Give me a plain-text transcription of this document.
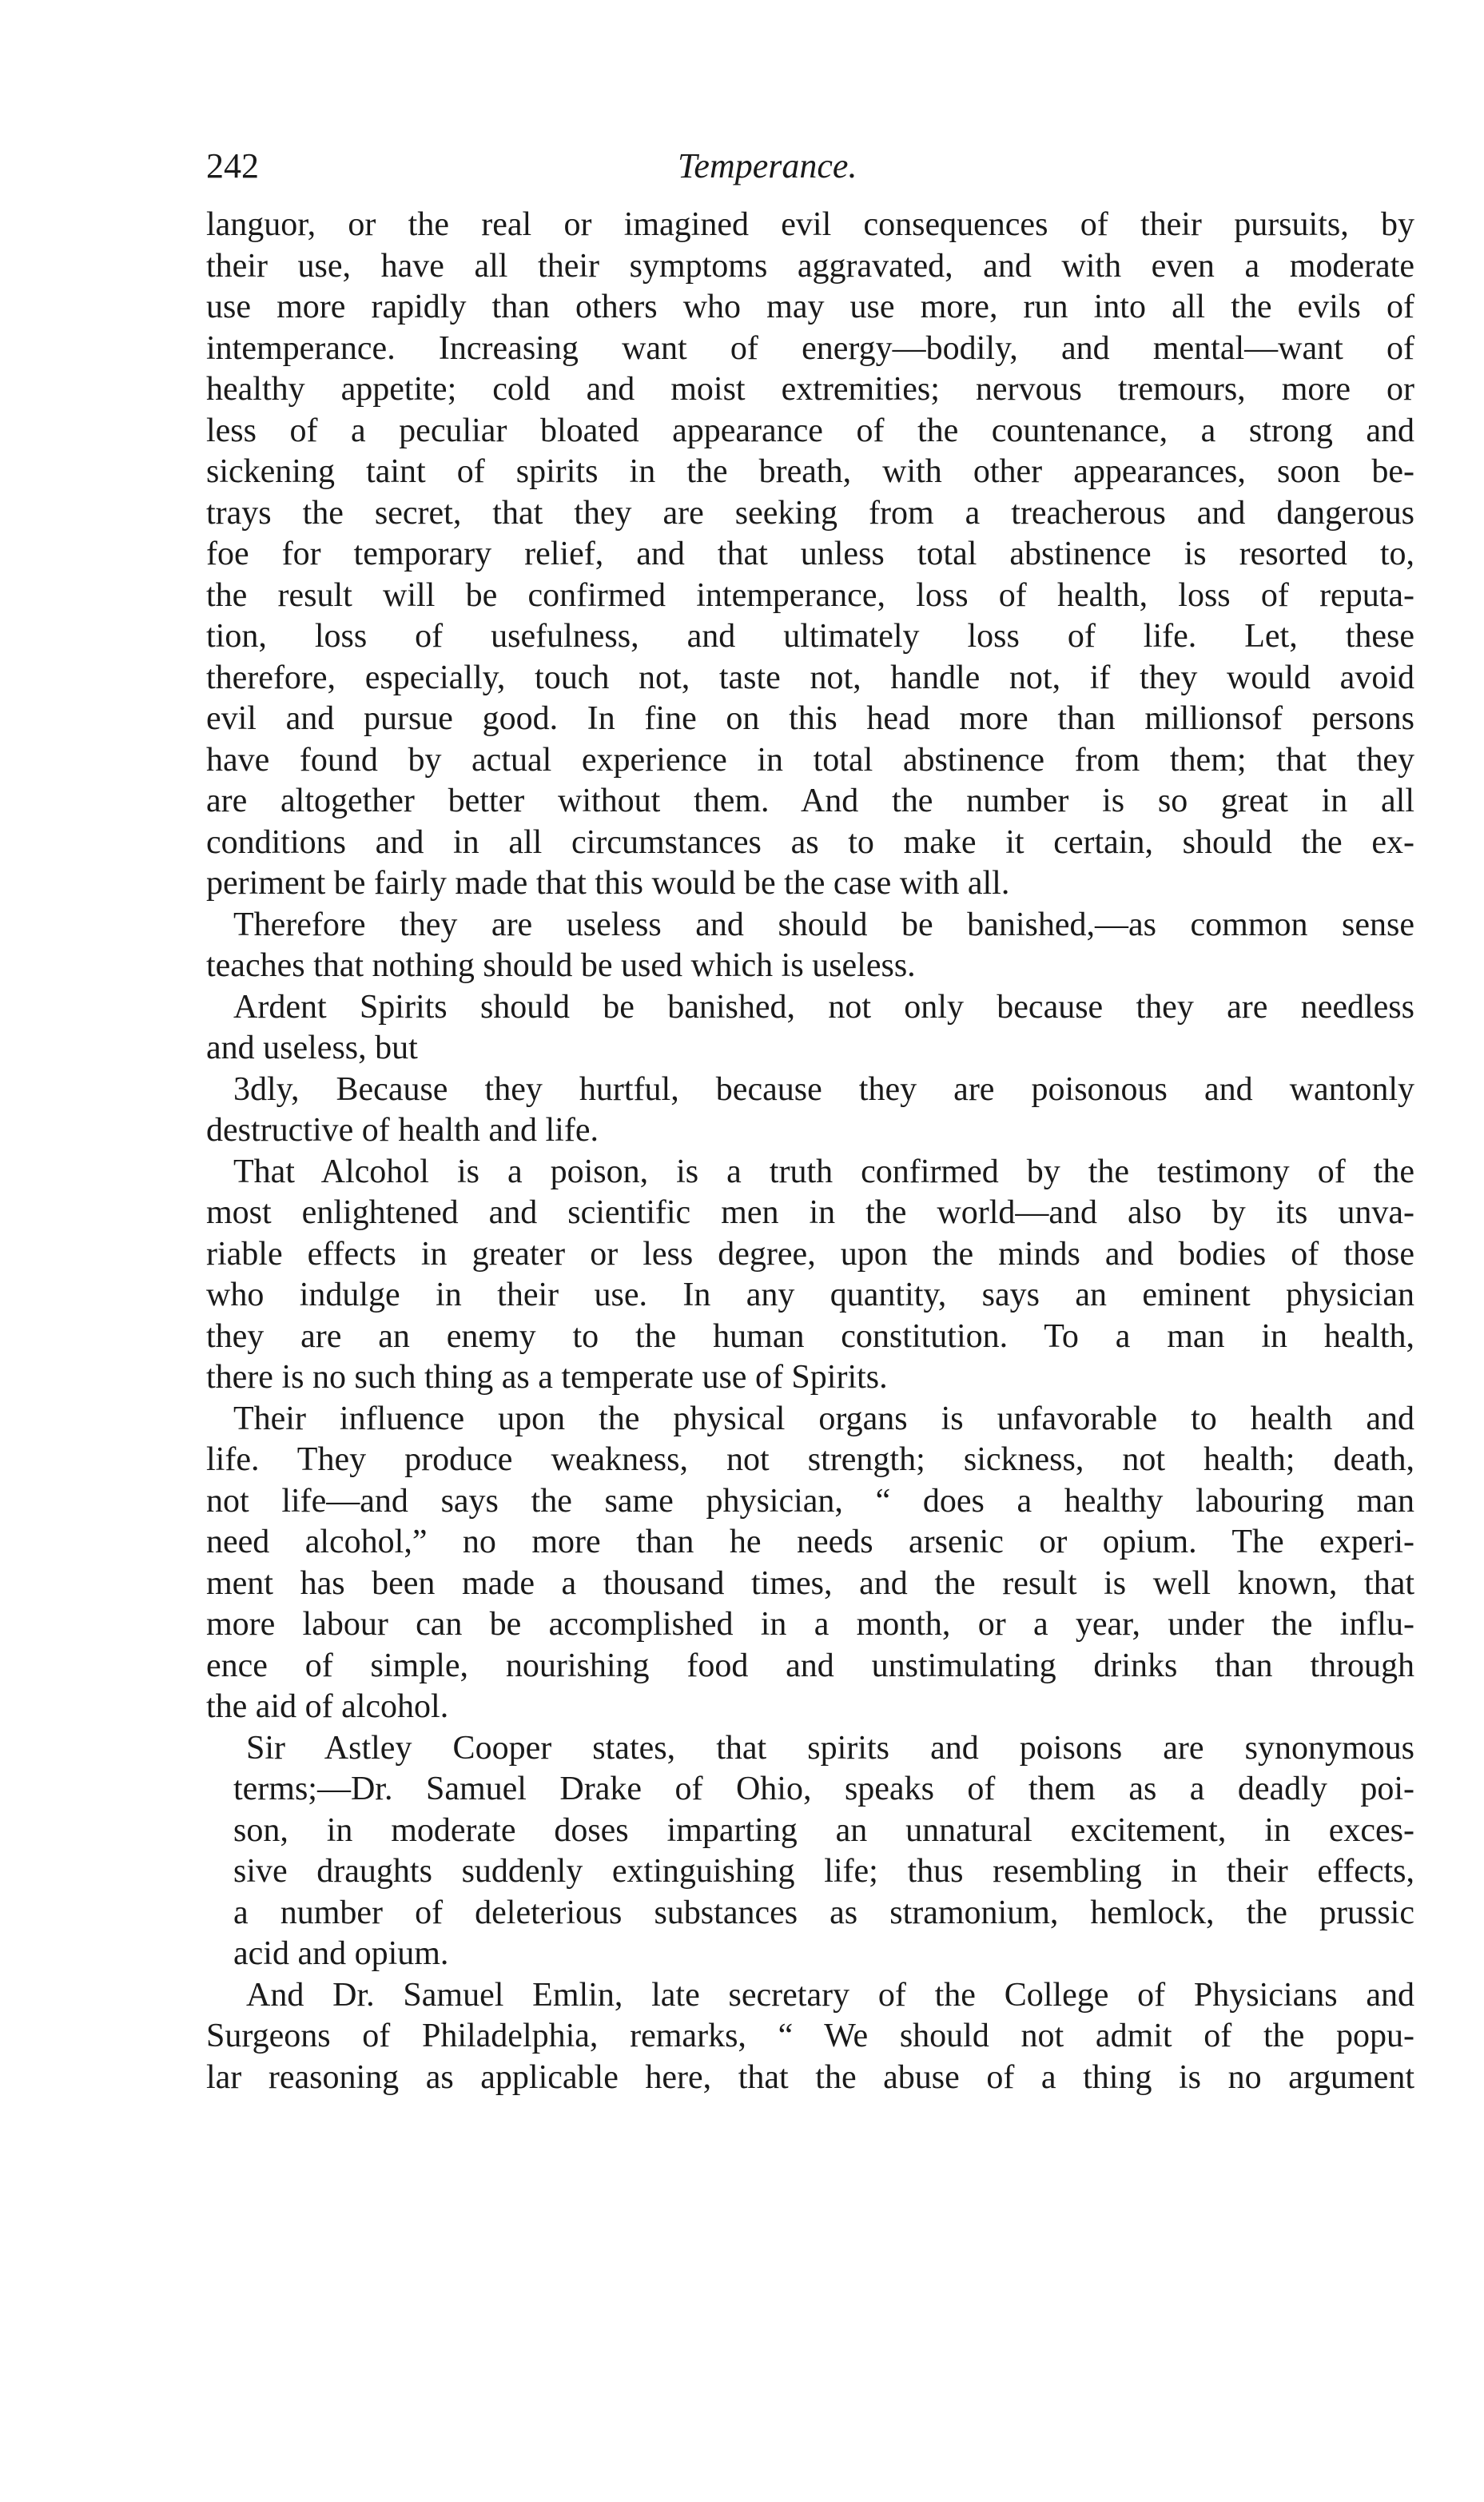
242	Temperance.
languor, or the real or imagined evil consequences of their pursuits, by
their use, have all their symptoms aggravated, and with even a moderate
use more rapidly than others who may use more, run into all the evils of
intemperance. Increasing want of energy—bodily, and mental—want of
healthy appetite; cold and moist extremities; nervous tremours, more or
less of a peculiar bloated appearance of the countenance, a strong and
sickening taint of spirits in the breath, with other appearances, soon be-
trays the secret, that they are seeking from a treacherous and dangerous
foe for temporary relief, and that unless total abstinence is resorted to,
the result will be confirmed intemperance, loss of health, loss of reputa-
tion, loss of usefulness, and ultimately loss of life. Let, these
therefore, especially, touch not, taste not, handle not, if they would avoid
evil and pursue good. In fine on this head more than millionsof persons
have found by actual experience in total abstinence from them; that they
are altogether better without them. And the number is so great in all
conditions and in all circumstances as to make it certain, should the ex-
periment be fairly made that this would be the case with all.
Therefore they are useless and should be banished,—as common sense
teaches that nothing should be used which is useless.
Ardent Spirits should be banished, not only because they are needless
and useless, but
3dly, Because they hurtful, because they are poisonous and wantonly
destructive of health and life.
That Alcohol is a poison, is a truth confirmed by the testimony of the
most enlightened and scientific men in the world—and also by its unva-
riable effects in greater or less degree, upon the minds and bodies of those
who indulge in their use. In any quantity, says an eminent physician
they are an enemy to the human constitution. To a man in health,
there is no such thing as a temperate use of Spirits.
Their influence upon the physical organs is unfavorable to health and
life. They produce weakness, not strength; sickness, not health; death,
not life—and says the same physician, “ does a healthy labouring man
need alcohol,” no more than he needs arsenic or opium. The experi-
ment has been made a thousand times, and the result is well known, that
more labour can be accomplished in a month, or a year, under the influ-
ence of simple, nourishing food and unstimulating drinks than through
the aid of alcohol.
Sir Astley Cooper states, that spirits and poisons are synonymous
terms;—Dr. Samuel Drake of Ohio, speaks of them as a deadly poi-
son, in moderate doses imparting an unnatural excitement, in exces-
sive draughts suddenly extinguishing life; thus resembling in their effects,
a number of deleterious substances as stramonium, hemlock, the prussic
acid and opium.
And Dr. Samuel Emlin, late secretary of the College of Physicians and
Surgeons of Philadelphia, remarks, “ We should not admit of the popu-
lar reasoning as applicable here, that the abuse of a thing is no argument
